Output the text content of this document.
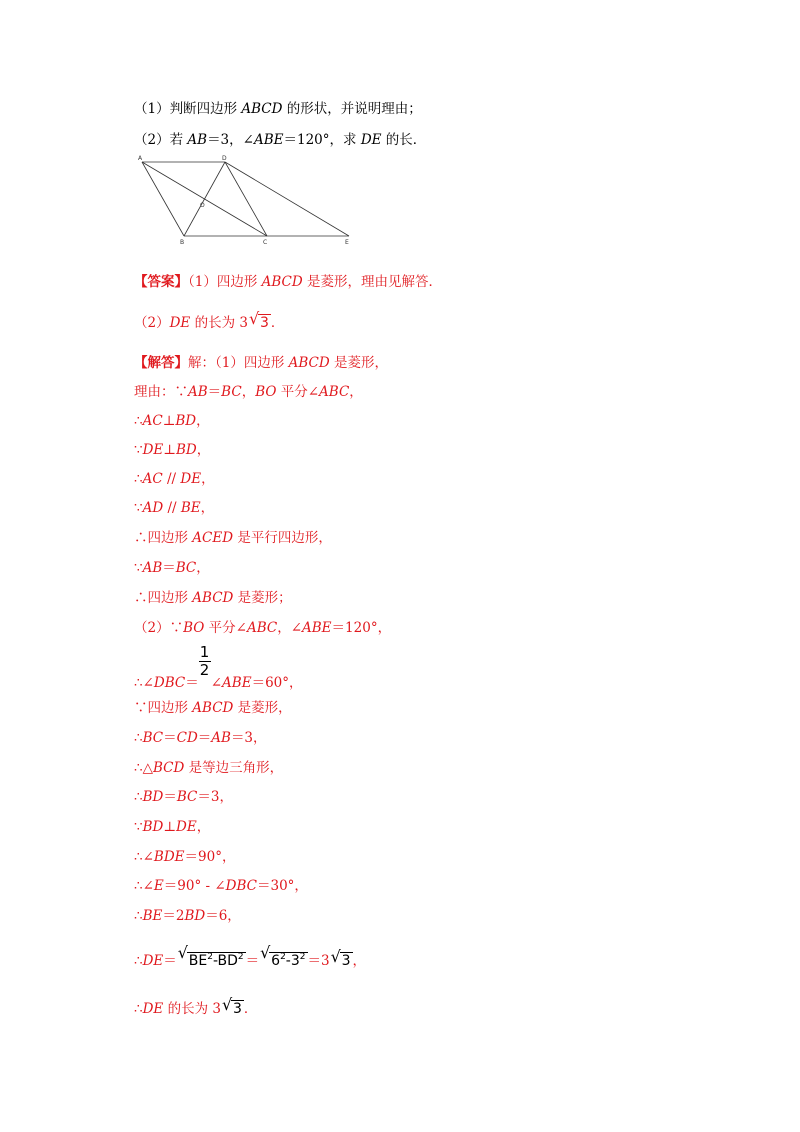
（1）判断四边形 ABCD 的形状，并说明理由；
（2）若 AB＝3，∠ABE＝120°，求 DE 的长．
A	D
O
B	C	E
【答案】（1）四边形 ABCD 是菱形，理由见解答．
（2）DE 的长为 3 √ 3 ．
【解答】解：（1）四边形 ABCD 是菱形，
理由：∵AB＝BC，BO 平分∠ABC，
∴AC⊥BD，
∵DE⊥BD，
∴AC // DE，
∵AD // BE，
∴四边形 ACED 是平行四边形，
∵AB＝BC，
∴四边形 ABCD 是菱形；
（2）∵BO 平分∠ABC，∠ABE＝120°，
∴∠DBC＝ $\frac{1}{2}$ ∠ABE＝60°，
∵四边形 ABCD 是菱形，
∴BC＝CD＝AB＝3，
∴△BCD 是等边三角形，
∴BD＝BC＝3，
∵BD⊥DE，
∴∠BDE＝90°，
∴∠E＝90° - ∠DBC＝30°，
∴BE＝2BD＝6，
∴DE＝ √ $BE^2-BD^2$ ＝ √ $6^2-3^2 =3$ √ 3 ，
∴DE 的长为 3 √ 3 ．
